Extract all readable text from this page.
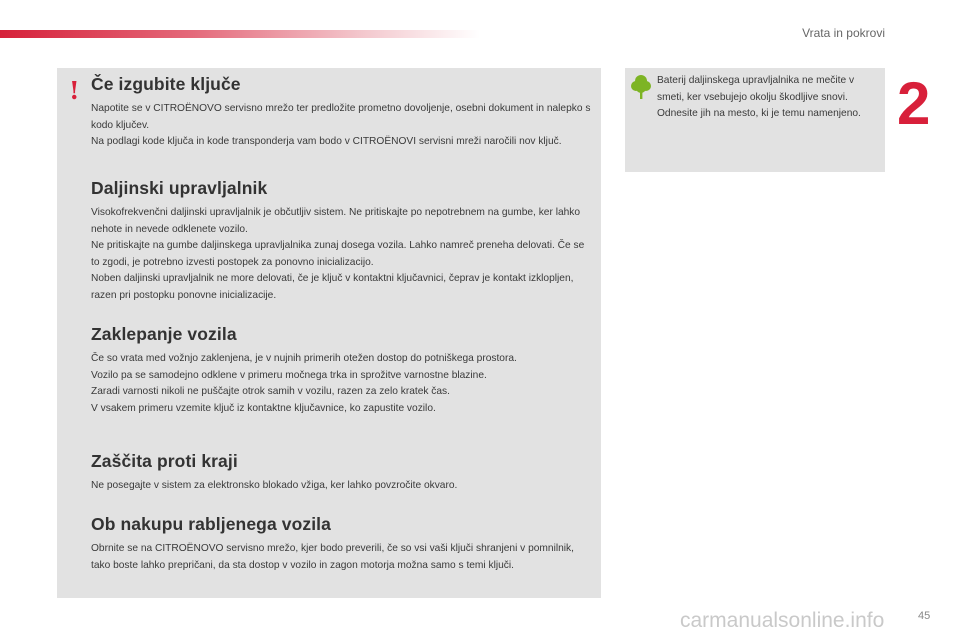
Vrata in pokrovi
2
! Če izgubite ključe

Napotite se v CITROËNOVO servisno mrežo ter predložite prometno dovoljenje, osebni dokument in nalepko s kodo ključev.

Na podlagi kode ključa in kode transponderja vam bodo v CITROËNOVI servisni mreži naročili nov ključ.

Daljinski upravljalnik

Visokofrekvenčni daljinski upravljalnik je občutljiv sistem. Ne pritiskajte po nepotrebnem na gumbe, ker lahko nehote in nevede odklenete vozilo.

Ne pritiskajte na gumbe daljinskega upravljalnika zunaj dosega vozila. Lahko namreč preneha delovati. Če se to zgodi, je potrebno izvesti postopek za ponovno inicializacijo.

Noben daljinski upravljalnik ne more delovati, če je ključ v kontaktni ključavnici, čeprav je kontakt izklopljen, razen pri postopku ponovne inicializacije.

Zaklepanje vozila

Če so vrata med vožnjo zaklenjena, je v nujnih primerih otežen dostop do potniškega prostora.

Vozilo pa se samodejno odklene v primeru močnega trka in sprožitve varnostne blazine.

Zaradi varnosti nikoli ne puščajte otrok samih v vozilu, razen za zelo kratek čas.

V vsakem primeru vzemite ključ iz kontaktne ključavnice, ko zapustite vozilo.

Zaščita proti kraji

Ne posegajte v sistem za elektronsko blokado vžiga, ker lahko povzročite okvaro.

Ob nakupu rabljenega vozila

Obrnite se na CITROËNOVO servisno mrežo, kjer bodo preverili, če so vsi vaši ključi shranjeni v pomnilnik, tako boste lahko prepričani, da sta dostop v vozilo in zagon motorja možna samo s temi ključi.

Baterij daljinskega upravljalnika ne mečite v smeti, ker vsebujejo okolju škodljive snovi.

Odnesite jih na mesto, ki je temu namenjeno.

45
carmanualsonline.info
